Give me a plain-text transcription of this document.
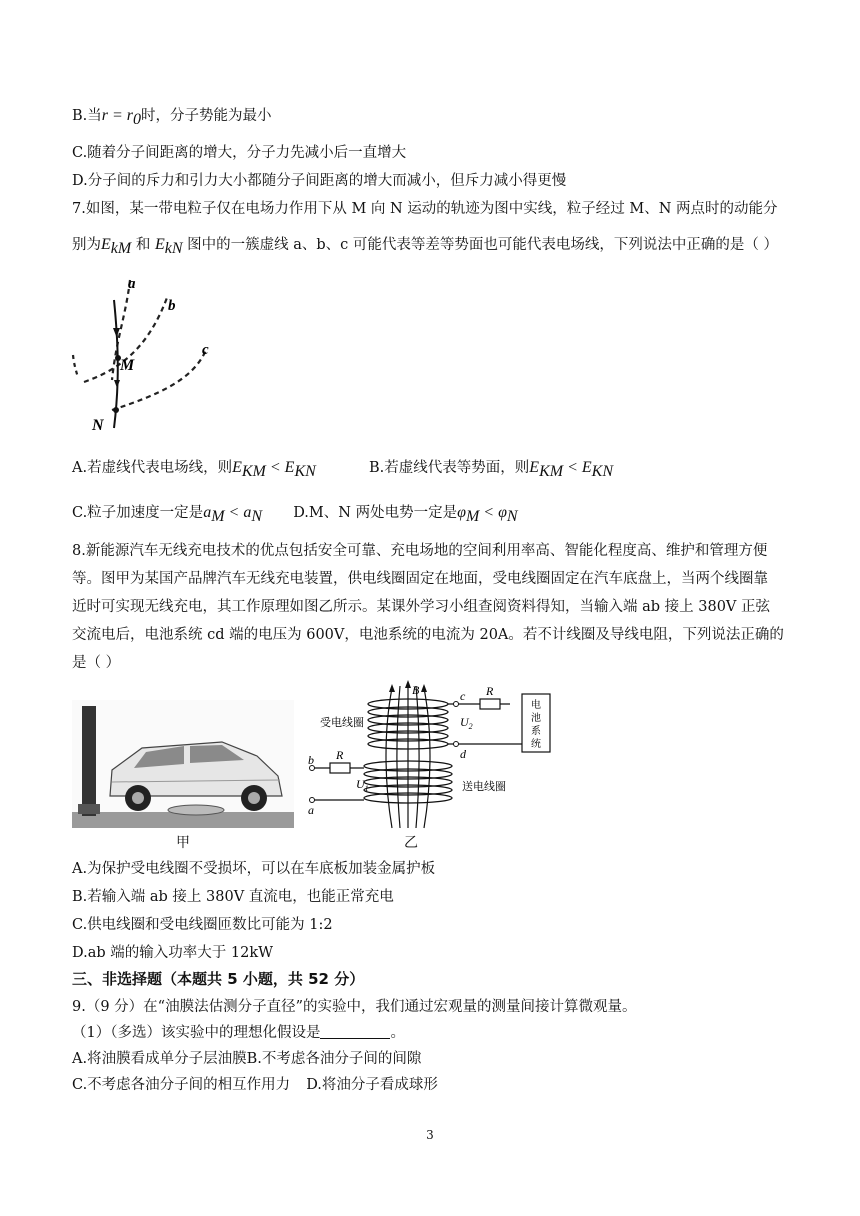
B.当$r = r_0$时，分子势能为最小
C.随着分子间距离的增大，分子力先减小后一直增大
D.分子间的斥力和引力大小都随分子间距离的增大而减小，但斥力减小得更慢
7.如图，某一带电粒子仅在电场力作用下从 M 向 N 运动的轨迹为图中实线，粒子经过 M、N 两点时的动能分
别为$E_{kM}$ 和 $E_{kN}$ 图中的一簇虚线 a、b、c 可能代表等差等势面也可能代表电场线，下列说法中正确的是（ ）
a
b
c
M
N
A.若虚线代表电场线，则$E_{KM} < E_{KN}$	B.若虚线代表等势面，则$E_{KM} < E_{KN}$
C.粒子加速度一定是$a_M < a_N$ D.M、N 两处电势一定是$\varphi_M < \varphi_N$
8.新能源汽车无线充电技术的优点包括安全可靠、充电场地的空间利用率高、智能化程度高、维护和管理方便
等。图甲为某国产品牌汽车无线充电装置，供电线圈固定在地面，受电线圈固定在汽车底盘上，当两个线圈靠
近时可实现无线充电，其工作原理如图乙所示。某课外学习小组查阅资料得知，当输入端 ab 接上 380V 正弦
交流电后，电池系统 cd 端的电压为 600V，电池系统的电流为 20A。若不计线圈及导线电阻，下列说法正确的
是（ ）
甲
B	c
d
R
$U_2$
电池系统
R
b
a
$U_1$
受电线圈
送电线圈
乙
A.为保护受电线圈不受损坏，可以在车底板加装金属护板
B.若输入端 ab 接上 380V 直流电，也能正常充电
C.供电线圈和受电线圈匝数比可能为 1:2
D.ab 端的输入功率大于 12kW
三、非选择题（本题共 5 小题，共 52 分）
9.（9 分）在“油膜法估测分子直径”的实验中，我们通过宏观量的测量间接计算微观量。
（1）（多选）该实验中的理想化假设是	。
A.将油膜看成单分子层油膜B.不考虑各油分子间的间隙
C.不考虑各油分子间的相互作用力 D.将油分子看成球形
3
